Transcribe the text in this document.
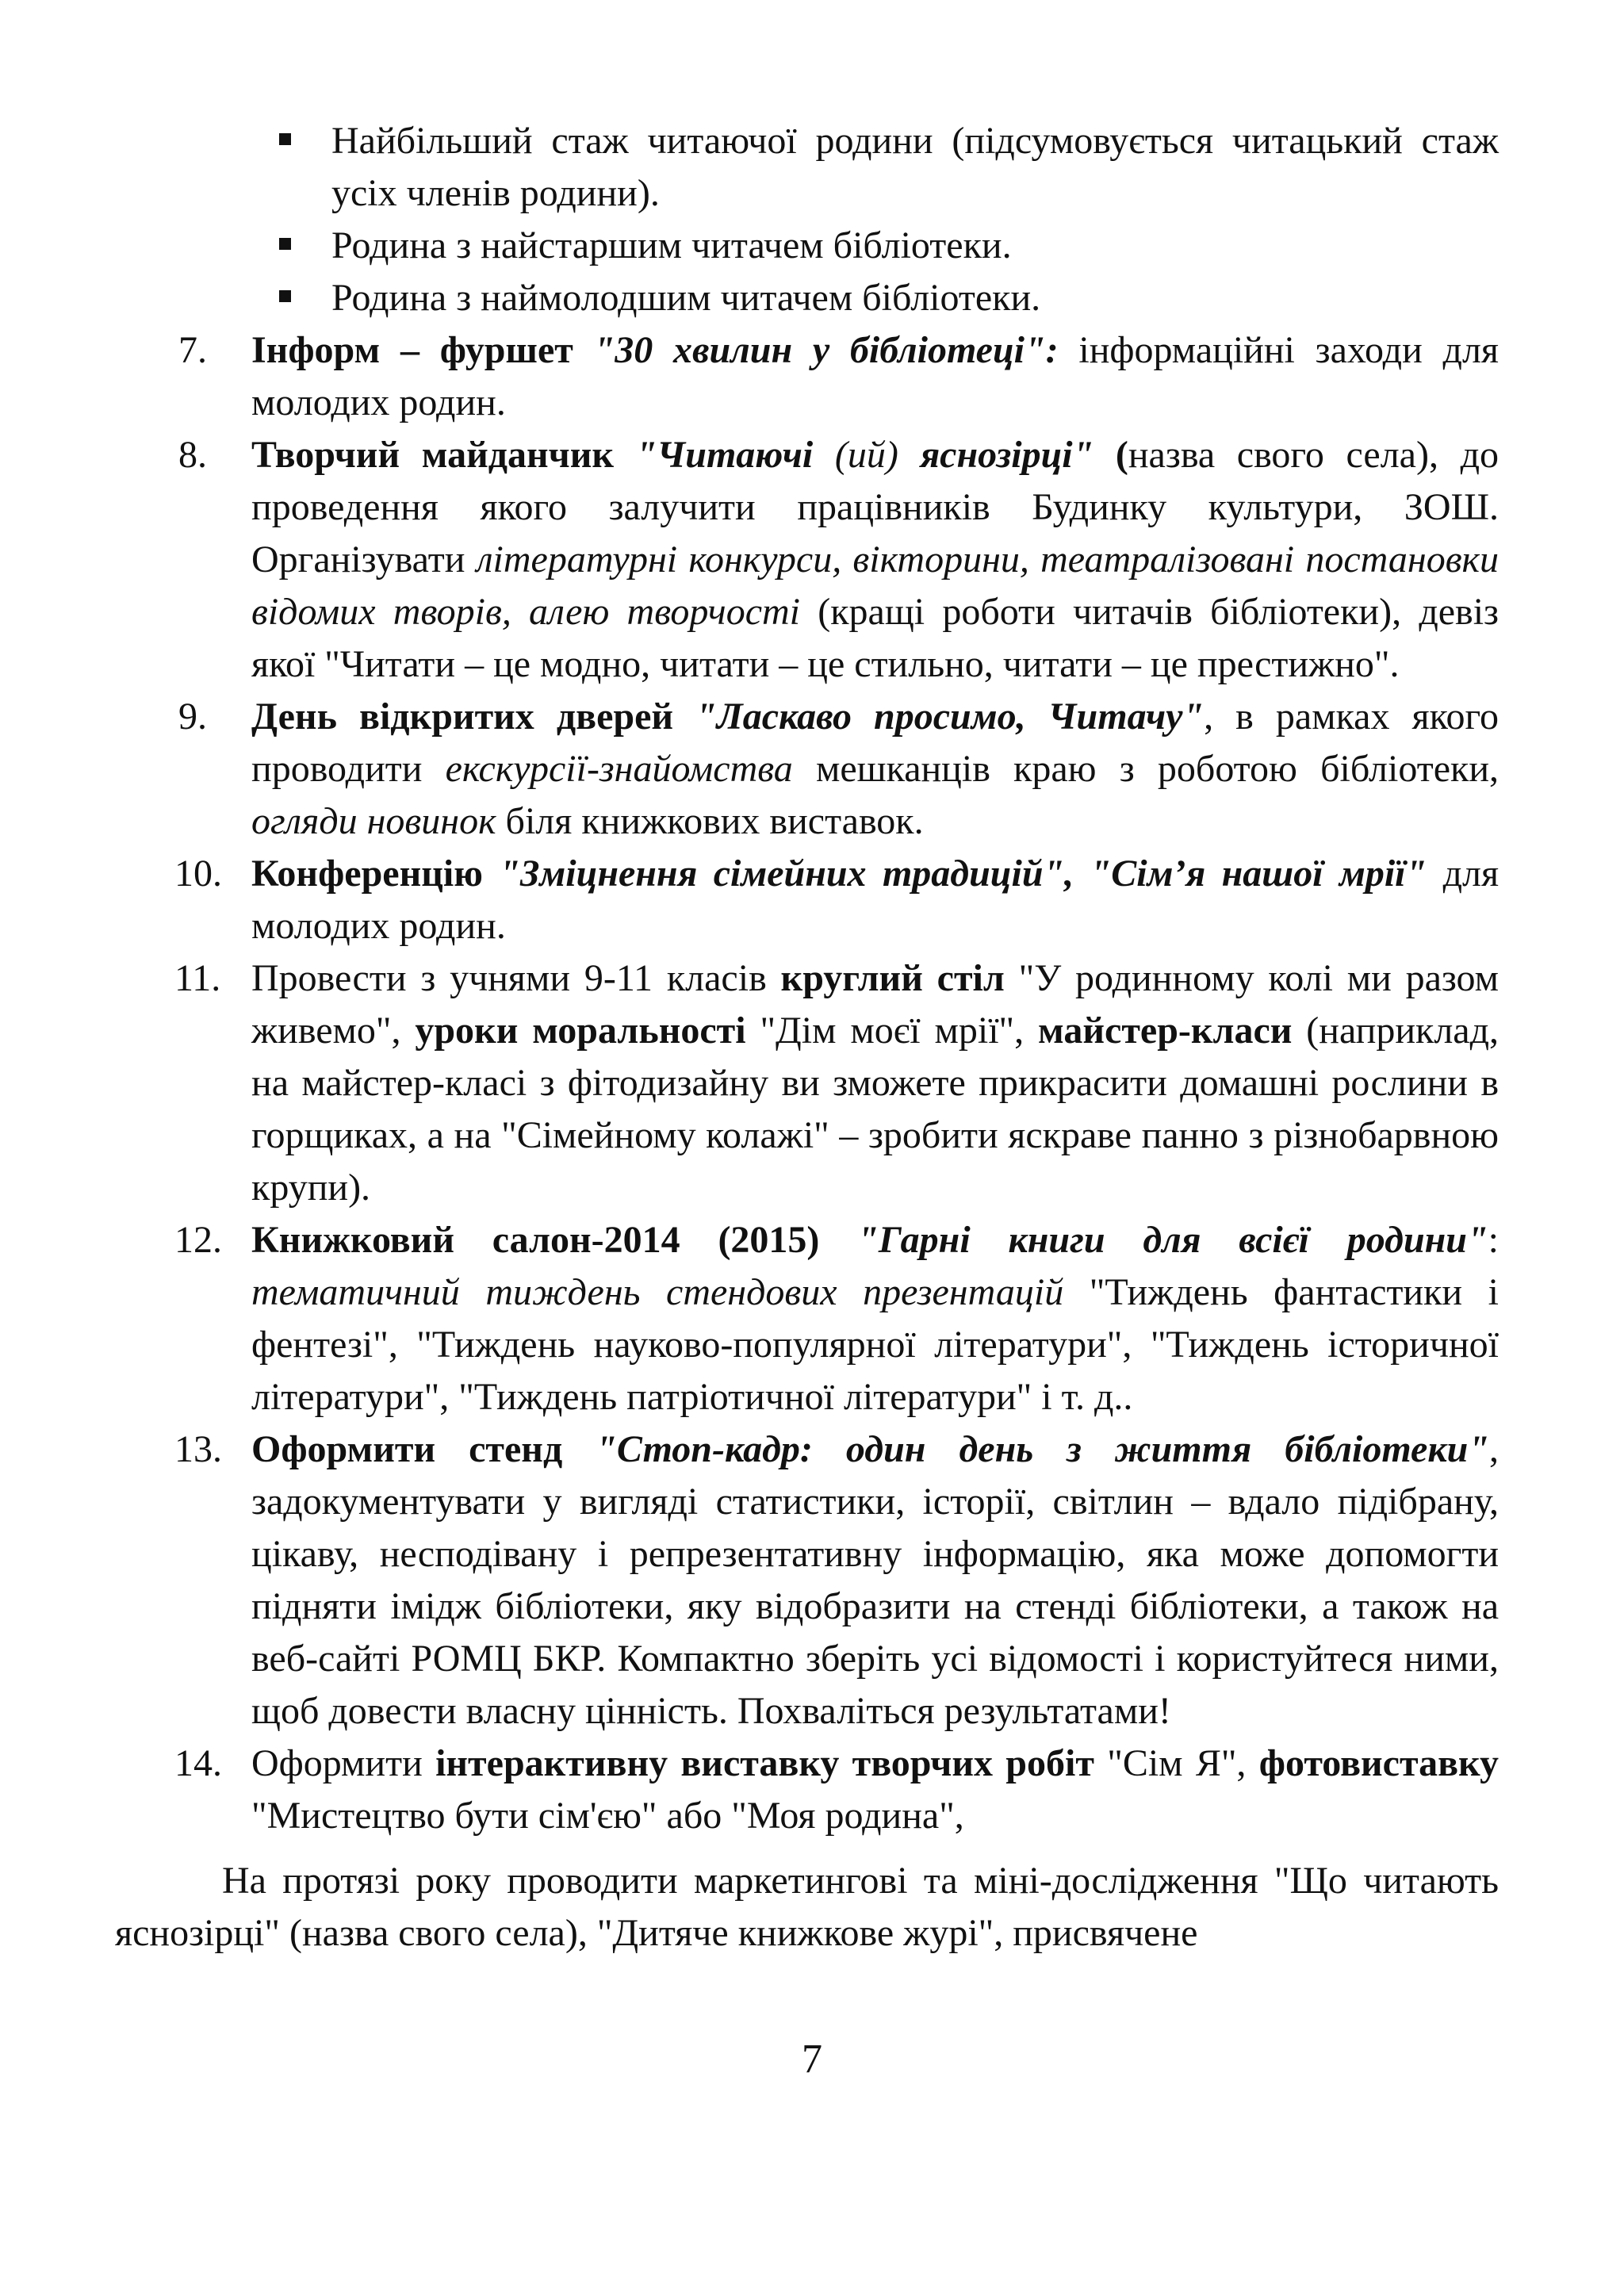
Найбільший стаж читаючої родини (підсумовується читацький стаж усіх членів родини).
Родина з найстаршим читачем бібліотеки.
Родина з наймолодшим читачем бібліотеки.
7. Інформ – фуршет "30 хвилин у бібліотеці": інформаційні заходи для молодих родин.
8. Творчий майданчик "Читаючі (ий) яснозірці" (назва свого села), до проведення якого залучити працівників Будинку культури, ЗОШ. Організувати літературні конкурси, вікторини, театралізовані постановки відомих творів, алею творчості (кращі роботи читачів бібліотеки), девіз якої "Читати – це модно, читати – це стильно, читати – це престижно".
9. День відкритих дверей "Ласкаво просимо, Читачу", в рамках якого проводити екскурсії-знайомства мешканців краю з роботою бібліотеки, огляди новинок біля книжкових виставок.
10. Конференцію "Зміцнення сімейних традицій", "Сім’я нашої мрії" для молодих родин.
11. Провести з учнями 9-11 класів круглий стіл "У родинному колі ми разом живемо", уроки моральності "Дім моєї мрії", майстер-класи (наприклад, на майстер-класі з фітодизайну ви зможете прикрасити домашні рослини в горщиках, а на "Сімейному колажі" – зробити яскраве панно з різнобарвною крупи).
12. Книжковий салон-2014 (2015) "Гарні книги для всієї родини": тематичний тиждень стендових презентацій "Тиждень фантастики і фентезі", "Тиждень науково-популярної літератури", "Тиждень історичної літератури", "Тиждень патріотичної літератури" і т. д..
13. Оформити стенд "Стоп-кадр: один день з життя бібліотеки", задокументувати у вигляді статистики, історії, світлин – вдало підібрану, цікаву, несподівану і репрезентативну інформацію, яка може допомогти підняти імідж бібліотеки, яку відобразити на стенді бібліотеки, а також на веб-сайті РОМЦ БКР. Компактно зберіть усі відомості і користуйтеся ними, щоб довести власну цінність. Похваліться результатами!
14. Оформити інтерактивну виставку творчих робіт "Сім Я", фотовиставку "Мистецтво бути сім'єю" або "Моя родина",

На протязі року проводити маркетингові та міні-дослідження "Що читають яснозірці" (назва свого села), "Дитяче книжкове журі", присвячене

7
